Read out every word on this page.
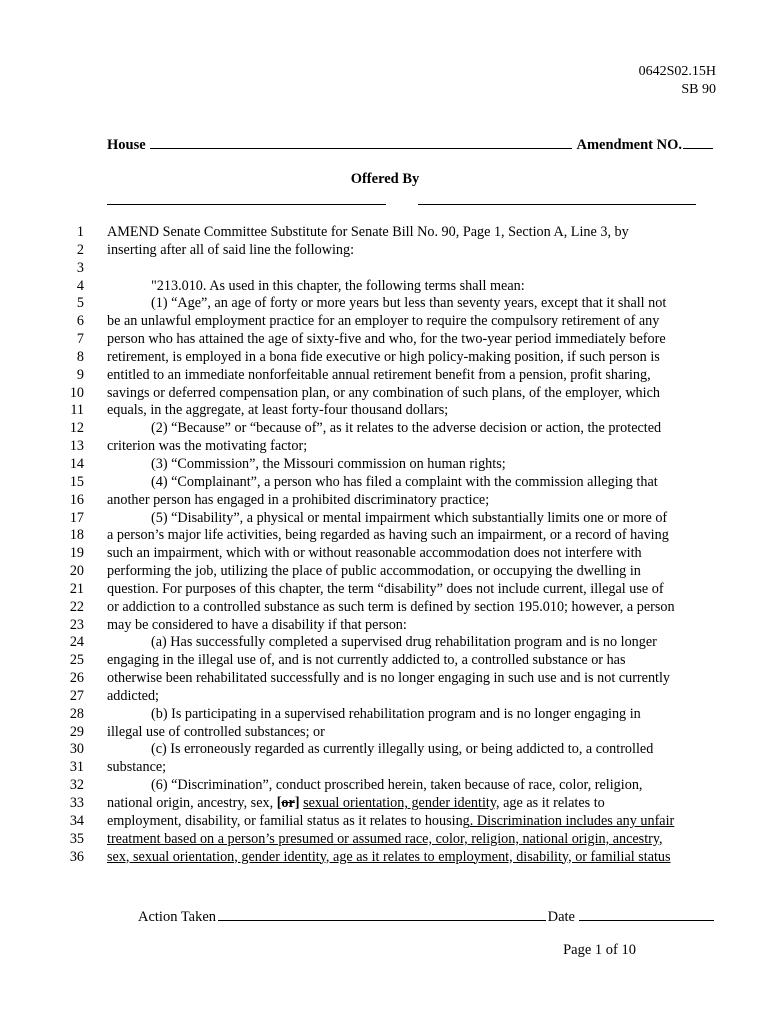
0642S02.15H
SB 90
House	Amendment NO.
Offered By
1 AMEND Senate Committee Substitute for Senate Bill No. 90, Page 1, Section A, Line 3, by
2 inserting after all of said line the following:
3
4	"213.010. As used in this chapter, the following terms shall mean:
5	(1) “Age”, an age of forty or more years but less than seventy years, except that it shall not
6 be an unlawful employment practice for an employer to require the compulsory retirement of any
7 person who has attained the age of sixty-five and who, for the two-year period immediately before
8 retirement, is employed in a bona fide executive or high policy-making position, if such person is
9 entitled to an immediate nonforfeitable annual retirement benefit from a pension, profit sharing,
10 savings or deferred compensation plan, or any combination of such plans, of the employer, which
11 equals, in the aggregate, at least forty-four thousand dollars;
12	(2) “Because” or “because of”, as it relates to the adverse decision or action, the protected
13 criterion was the motivating factor;
14	(3) “Commission”, the Missouri commission on human rights;
15	(4) “Complainant”, a person who has filed a complaint with the commission alleging that
16 another person has engaged in a prohibited discriminatory practice;
17	(5) “Disability”, a physical or mental impairment which substantially limits one or more of
18 a person’s major life activities, being regarded as having such an impairment, or a record of having
19 such an impairment, which with or without reasonable accommodation does not interfere with
20 performing the job, utilizing the place of public accommodation, or occupying the dwelling in
21 question. For purposes of this chapter, the term “disability” does not include current, illegal use of
22 or addiction to a controlled substance as such term is defined by section 195.010; however, a person
23 may be considered to have a disability if that person:
24	(a) Has successfully completed a supervised drug rehabilitation program and is no longer
25 engaging in the illegal use of, and is not currently addicted to, a controlled substance or has
26 otherwise been rehabilitated successfully and is no longer engaging in such use and is not currently
27 addicted;
28	(b) Is participating in a supervised rehabilitation program and is no longer engaging in
29 illegal use of controlled substances; or
30	(c) Is erroneously regarded as currently illegally using, or being addicted to, a controlled
31 substance;
32	(6) “Discrimination”, conduct proscribed herein, taken because of race, color, religion,
33 national origin, ancestry, sex, [or] sexual orientation, gender identity, age as it relates to
34 employment, disability, or familial status as it relates to housing. Discrimination includes any unfair
35 treatment based on a person’s presumed or assumed race, color, religion, national origin, ancestry,
36 sex, sexual orientation, gender identity, age as it relates to employment, disability, or familial status
Action Taken	Date
Page 1 of 10
